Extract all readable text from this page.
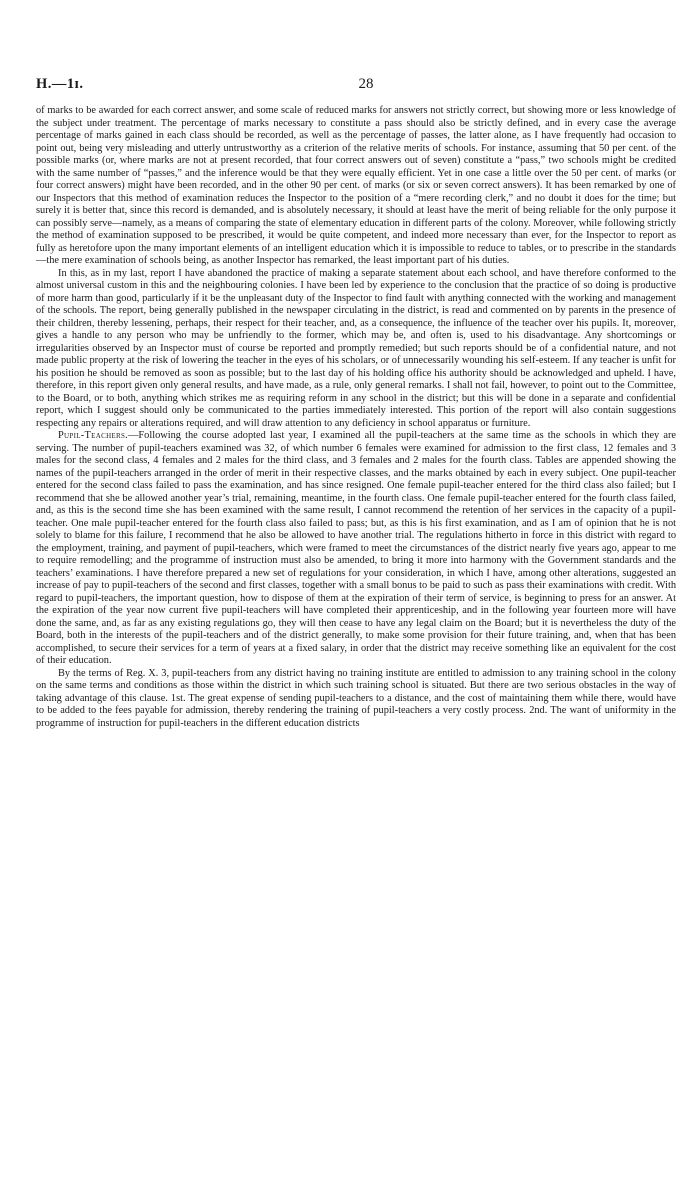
H.—1ɪ.	28

of marks to be awarded for each correct answer, and some scale of reduced marks for answers not strictly correct, but showing more or less knowledge of the subject under treatment. The percentage of marks necessary to constitute a pass should also be strictly defined, and in every case the average percentage of marks gained in each class should be recorded, as well as the percentage of passes, the latter alone, as I have frequently had occasion to point out, being very misleading and utterly untrustworthy as a criterion of the relative merits of schools. For instance, assuming that 50 per cent. of the possible marks (or, where marks are not at present recorded, that four correct answers out of seven) constitute a “pass,” two schools might be credited with the same number of “passes,” and the inference would be that they were equally efficient. Yet in one case a little over the 50 per cent. of marks (or four correct answers) might have been recorded, and in the other 90 per cent. of marks (or six or seven correct answers). It has been remarked by one of our Inspectors that this method of examination reduces the Inspector to the position of a “mere recording clerk,” and no doubt it does for the time; but surely it is better that, since this record is demanded, and is absolutely necessary, it should at least have the merit of being reliable for the only purpose it can possibly serve—namely, as a means of comparing the state of elementary education in different parts of the colony. Moreover, while following strictly the method of examination supposed to be prescribed, it would be quite competent, and indeed more necessary than ever, for the Inspector to report as fully as heretofore upon the many important elements of an intelligent education which it is impossible to reduce to tables, or to prescribe in the standards—the mere examination of schools being, as another Inspector has remarked, the least important part of his duties.

In this, as in my last, report I have abandoned the practice of making a separate statement about each school, and have therefore conformed to the almost universal custom in this and the neighbouring colonies. I have been led by experience to the conclusion that the practice of so doing is productive of more harm than good, particularly if it be the unpleasant duty of the Inspector to find fault with anything connected with the working and management of the schools. The report, being generally published in the newspaper circulating in the district, is read and commented on by parents in the presence of their children, thereby lessening, perhaps, their respect for their teacher, and, as a consequence, the influence of the teacher over his pupils. It, moreover, gives a handle to any person who may be unfriendly to the former, which may be, and often is, used to his disadvantage. Any shortcomings or irregularities observed by an Inspector must of course be reported and promptly remedied; but such reports should be of a confidential nature, and not made public property at the risk of lowering the teacher in the eyes of his scholars, or of unnecessarily wounding his self-esteem. If any teacher is unfit for his position he should be removed as soon as possible; but to the last day of his holding office his authority should be acknowledged and upheld. I have, therefore, in this report given only general results, and have made, as a rule, only general remarks. I shall not fail, however, to point out to the Committee, to the Board, or to both, anything which strikes me as requiring reform in any school in the district; but this will be done in a separate and confidential report, which I suggest should only be communicated to the parties immediately interested. This portion of the report will also contain suggestions respecting any repairs or alterations required, and will draw attention to any deficiency in school apparatus or furniture.

Pupil-Teachers.—Following the course adopted last year, I examined all the pupil-teachers at the same time as the schools in which they are serving. The number of pupil-teachers examined was 32, of which number 6 females were examined for admission to the first class, 12 females and 3 males for the second class, 4 females and 2 males for the third class, and 3 females and 2 males for the fourth class. Tables are appended showing the names of the pupil-teachers arranged in the order of merit in their respective classes, and the marks obtained by each in every subject. One pupil-teacher entered for the second class failed to pass the examination, and has since resigned. One female pupil-teacher entered for the third class also failed; but I recommend that she be allowed another year’s trial, remaining, meantime, in the fourth class. One female pupil-teacher entered for the fourth class failed, and, as this is the second time she has been examined with the same result, I cannot recommend the retention of her services in the capacity of a pupil-teacher. One male pupil-teacher entered for the fourth class also failed to pass; but, as this is his first examination, and as I am of opinion that he is not solely to blame for this failure, I recommend that he also be allowed to have another trial. The regulations hitherto in force in this district with regard to the employment, training, and payment of pupil-teachers, which were framed to meet the circumstances of the district nearly five years ago, appear to me to require remodelling; and the programme of instruction must also be amended, to bring it more into harmony with the Government standards and the teachers’ examinations. I have therefore prepared a new set of regulations for your consideration, in which I have, among other alterations, suggested an increase of pay to pupil-teachers of the second and first classes, together with a small bonus to be paid to such as pass their examinations with credit. With regard to pupil-teachers, the important question, how to dispose of them at the expiration of their term of service, is beginning to press for an answer. At the expiration of the year now current five pupil-teachers will have completed their apprenticeship, and in the following year fourteen more will have done the same, and, as far as any existing regulations go, they will then cease to have any legal claim on the Board; but it is nevertheless the duty of the Board, both in the interests of the pupil-teachers and of the district generally, to make some provision for their future training, and, when that has been accomplished, to secure their services for a term of years at a fixed salary, in order that the district may receive something like an equivalent for the cost of their education.

By the terms of Reg. X. 3, pupil-teachers from any district having no training institute are entitled to admission to any training school in the colony on the same terms and conditions as those within the district in which such training school is situated. But there are two serious obstacles in the way of taking advantage of this clause. 1st. The great expense of sending pupil-teachers to a distance, and the cost of maintaining them while there, would have to be added to the fees payable for admission, thereby rendering the training of pupil-teachers a very costly process. 2nd. The want of uniformity in the programme of instruction for pupil-teachers in the different education districts
